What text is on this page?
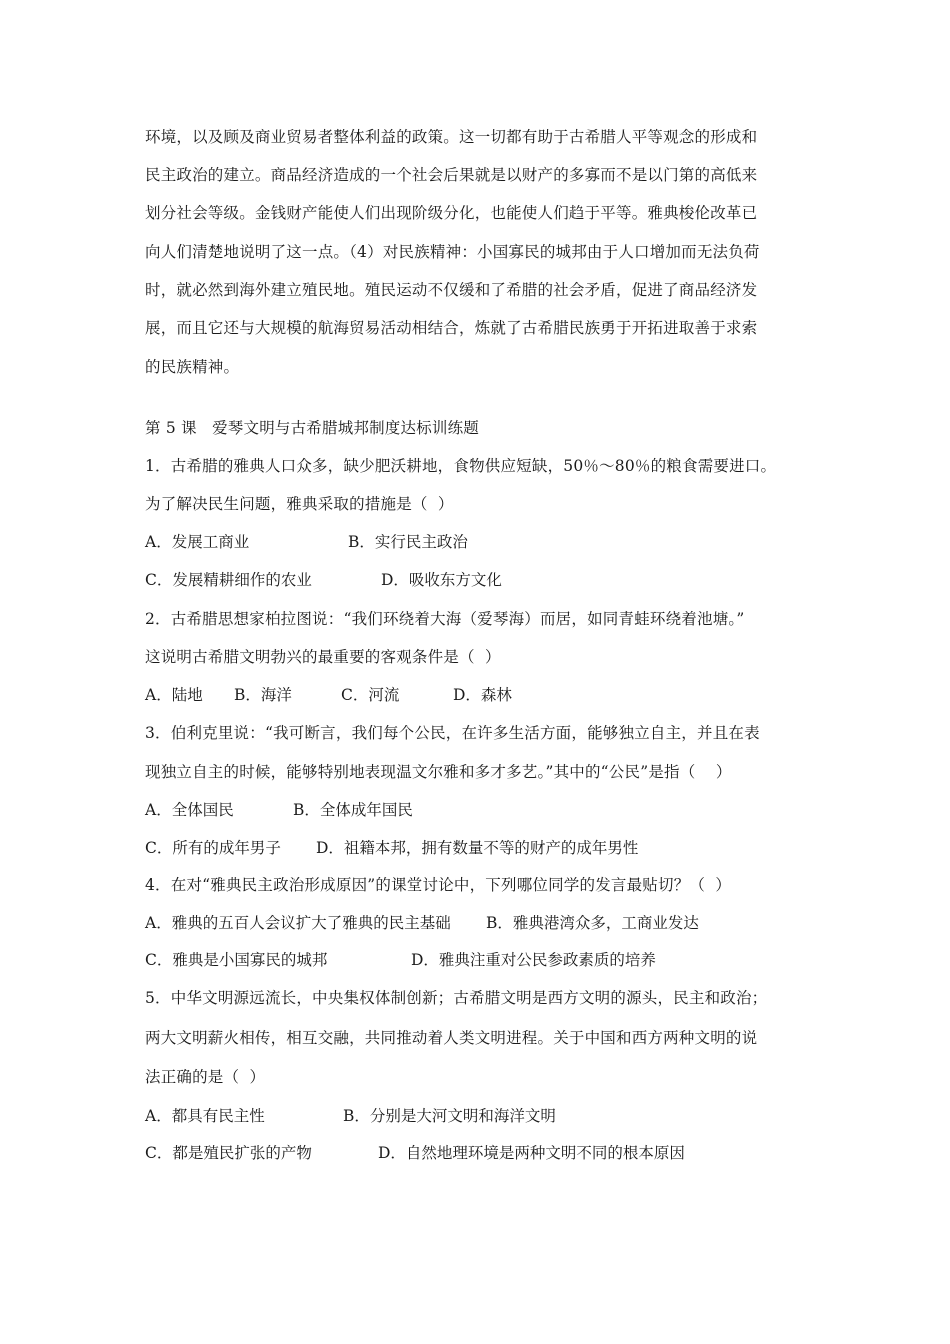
环境，以及顾及商业贸易者整体利益的政策。这一切都有助于古希腊人平等观念的形成和
民主政治的建立。商品经济造成的一个社会后果就是以财产的多寡而不是以门第的高低来
划分社会等级。金钱财产能使人们出现阶级分化，也能使人们趋于平等。雅典梭伦改革已
向人们清楚地说明了这一点。（4）对民族精神：小国寡民的城邦由于人口增加而无法负荷
时，就必然到海外建立殖民地。殖民运动不仅缓和了希腊的社会矛盾，促进了商品经济发
展，而且它还与大规模的航海贸易活动相结合，炼就了古希腊民族勇于开拓进取善于求索
的民族精神。
第 5 课   爱琴文明与古希腊城邦制度达标训练题
1．古希腊的雅典人口众多，缺少肥沃耕地，食物供应短缺，50％～80％的粮食需要进口。
为了解决民生问题，雅典采取的措施是（  ）
A．发展工商业	B．实行民主政治
C．发展精耕细作的农业	D．吸收东方文化
2．古希腊思想家柏拉图说：“我们环绕着大海（爱琴海）而居，如同青蛙环绕着池塘。”
这说明古希腊文明勃兴的最重要的客观条件是（  ）
A．陆地 B．海洋	C．河流	D．森林
3．伯利克里说：“我可断言，我们每个公民，在许多生活方面，能够独立自主，并且在表
现独立自主的时候，能够特别地表现温文尔雅和多才多艺。”其中的“公民”是指（    ）
A．全体国民	B．全体成年国民
C．所有的成年男子 D．祖籍本邦，拥有数量不等的财产的成年男性
4．在对“雅典民主政治形成原因”的课堂讨论中，下列哪位同学的发言最贴切？（  ）
A．雅典的五百人会议扩大了雅典的民主基础 B．雅典港湾众多，工商业发达
C．雅典是小国寡民的城邦	D．雅典注重对公民参政素质的培养
5．中华文明源远流长，中央集权体制创新；古希腊文明是西方文明的源头，民主和政治；
两大文明薪火相传，相互交融，共同推动着人类文明进程。关于中国和西方两种文明的说
法正确的是（  ）
A．都具有民主性	B．分别是大河文明和海洋文明
C．都是殖民扩张的产物	D．自然地理环境是两种文明不同的根本原因
